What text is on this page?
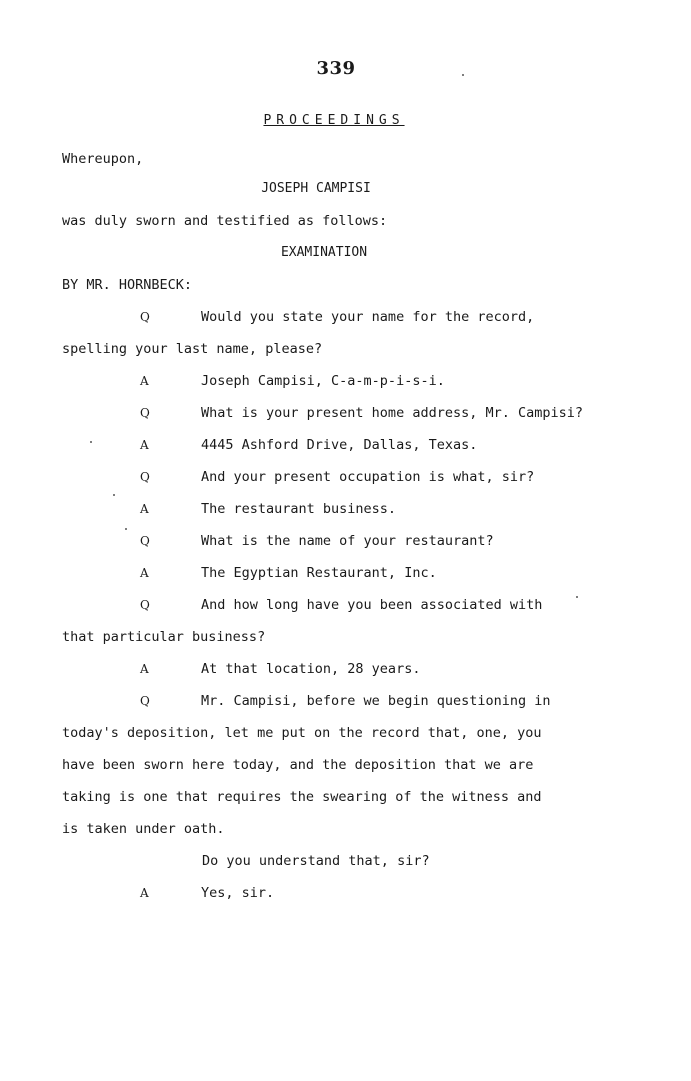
339
PROCEEDINGS
Whereupon,
JOSEPH CAMPISI
was duly sworn and testified as follows:
EXAMINATION
BY MR. HORNBECK:
Q	Would you state your name for the record,
spelling your last name, please?
A	Joseph Campisi, C-a-m-p-i-s-i.
Q	What is your present home address, Mr. Campisi?
A	4445 Ashford Drive, Dallas, Texas.
Q	And your present occupation is what, sir?
A	The restaurant business.
Q	What is the name of your restaurant?
A	The Egyptian Restaurant, Inc.
Q	And how long have you been associated with
that particular business?
A	At that location, 28 years.
Q	Mr. Campisi, before we begin questioning in
today's deposition, let me put on the record that, one, you
have been sworn here today, and the deposition that we are
taking is one that requires the swearing of the witness and
is taken under oath.
Do you understand that, sir?
A	Yes, sir.
